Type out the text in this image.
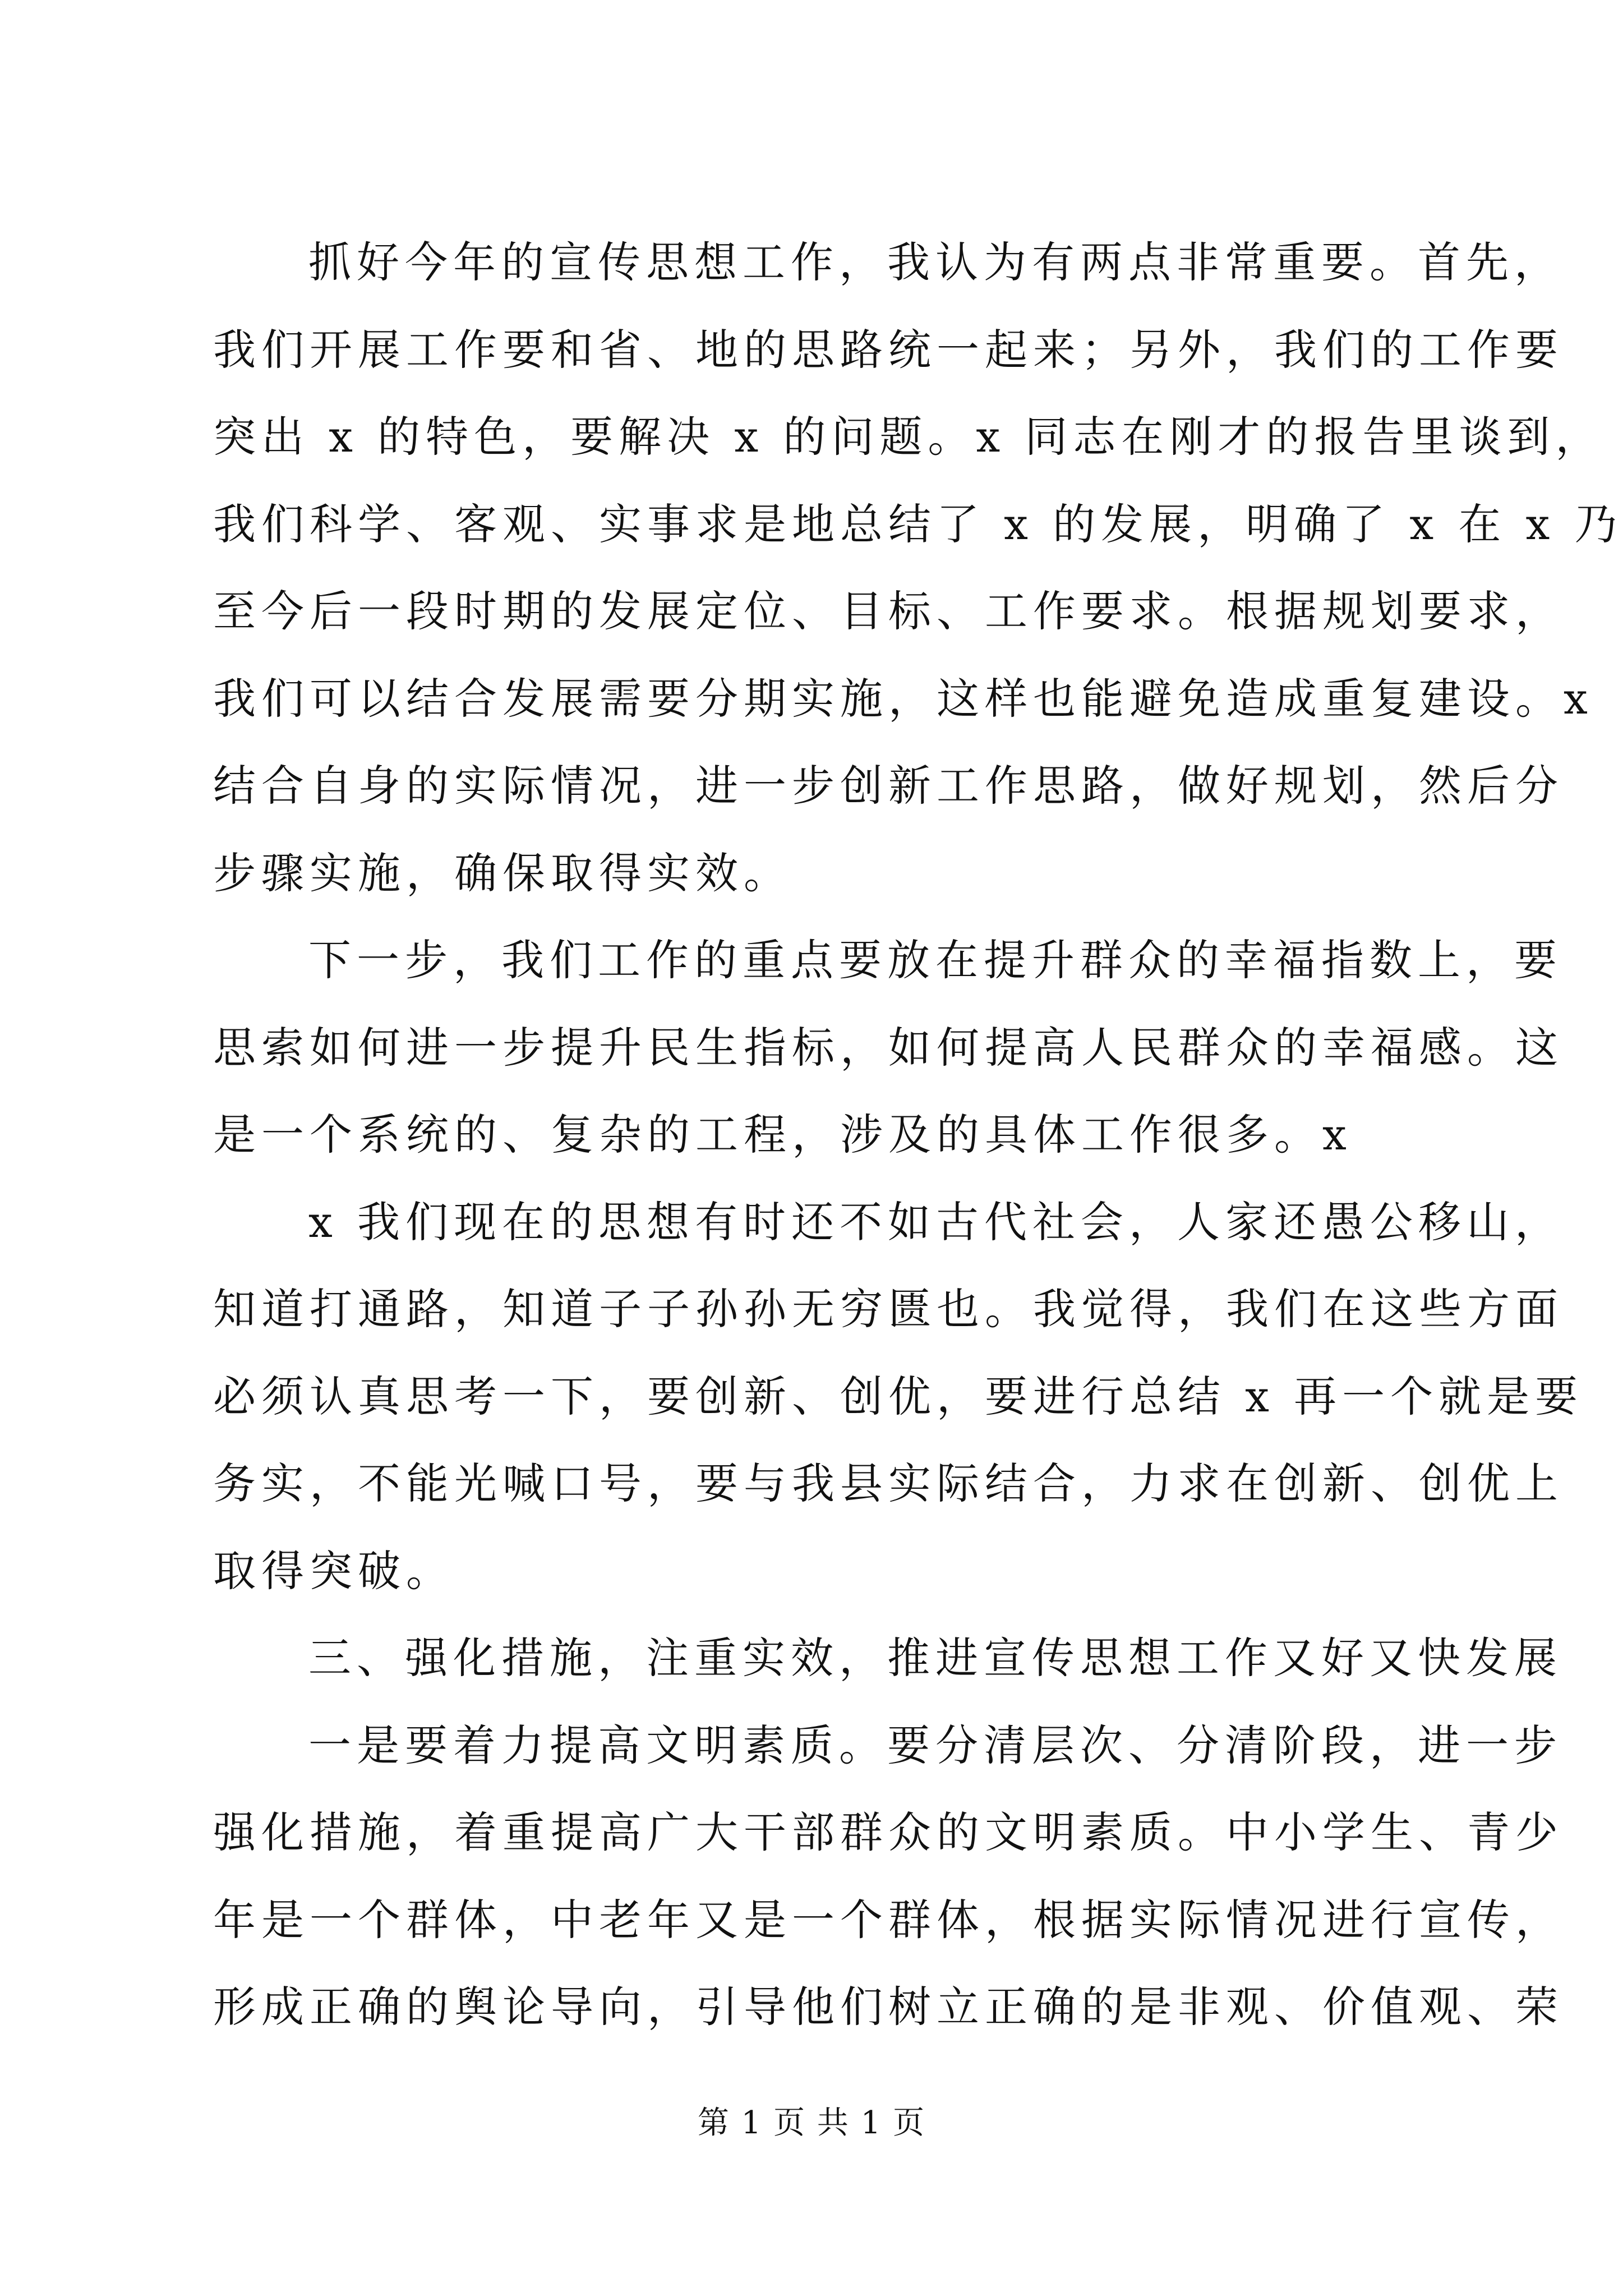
抓好今年的宣传思想工作，我认为有两点非常重要。首先，
我们开展工作要和省、地的思路统一起来；另外，我们的工作要
突出 x 的特色，要解决 x 的问题。x 同志在刚才的报告里谈到，
我们科学、客观、实事求是地总结了 x 的发展，明确了 x 在 x 乃
至今后一段时期的发展定位、目标、工作要求。根据规划要求，
我们可以结合发展需要分期实施，这样也能避免造成重复建设。x
结合自身的实际情况，进一步创新工作思路，做好规划，然后分
步骤实施，确保取得实效。
下一步，我们工作的重点要放在提升群众的幸福指数上，要
思索如何进一步提升民生指标，如何提高人民群众的幸福感。这
是一个系统的、复杂的工程，涉及的具体工作很多。x
x 我们现在的思想有时还不如古代社会，人家还愚公移山，
知道打通路，知道子子孙孙无穷匮也。我觉得，我们在这些方面
必须认真思考一下，要创新、创优，要进行总结 x 再一个就是要
务实，不能光喊口号，要与我县实际结合，力求在创新、创优上
取得突破。
三、强化措施，注重实效，推进宣传思想工作又好又快发展
一是要着力提高文明素质。要分清层次、分清阶段，进一步
强化措施，着重提高广大干部群众的文明素质。中小学生、青少
年是一个群体，中老年又是一个群体，根据实际情况进行宣传，
形成正确的舆论导向，引导他们树立正确的是非观、价值观、荣
第 1 页 共 1 页
